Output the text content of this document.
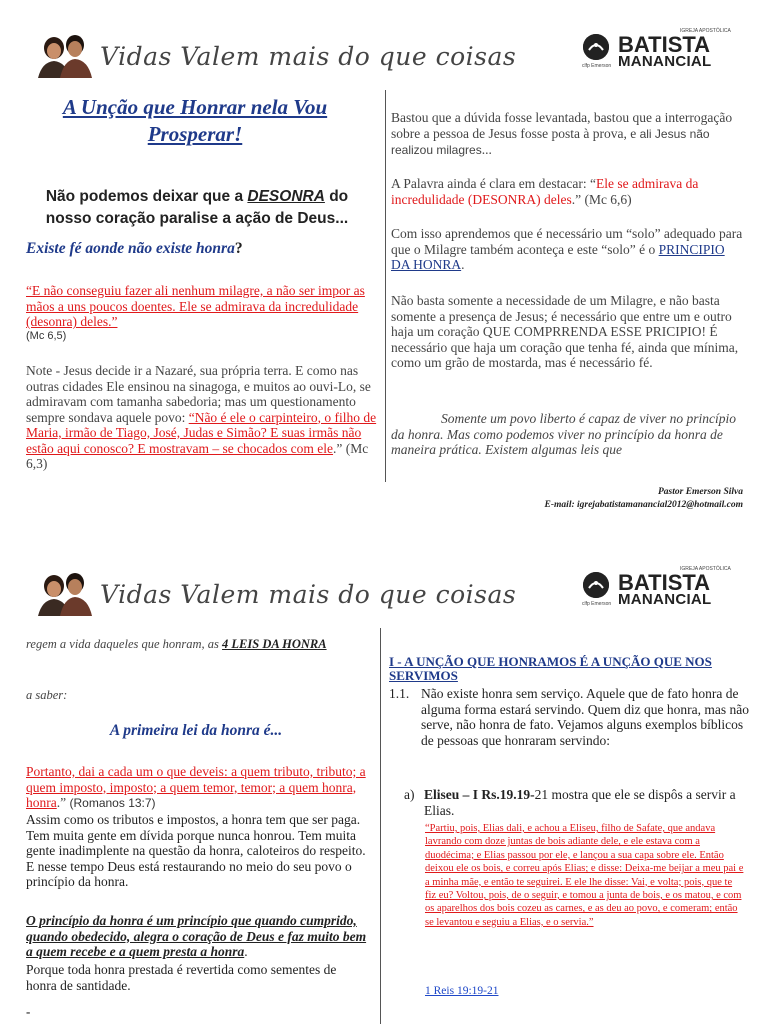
Vidas Valem mais do que coisas
IGREJA APOSTÓLICA
BATISTA
MANANCIAL
clfp Emerson
A Unção que Honrar nela Vou
Prosperar!
Não podemos deixar que a DESONRA do
nosso coração paralise a ação de Deus...
Existe fé aonde não existe honra?

“E não conseguiu fazer ali nenhum milagre, a não ser impor as mãos a uns poucos doentes. Ele se admirava da incredulidade (desonra) deles.”

(Mc 6,5)

Note - Jesus decide ir a Nazaré, sua própria terra. E como nas outras cidades Ele ensinou na sinagoga, e muitos ao ouvi-Lo, se admiravam com tamanha sabedoria; mas um questionamento sempre sondava aquele povo: “Não é ele o carpinteiro, o filho de Maria, irmão de Tiago, José, Judas e Simão? E suas irmãs não estão aqui conosco? E mostravam – se chocados com ele.” (Mc 6,3)
Bastou que a dúvida fosse levantada, bastou que a interrogação sobre a pessoa de Jesus fosse posta à prova, e ali Jesus não realizou milagres...
A Palavra ainda é clara em destacar: “Ele se admirava da incredulidade (DESONRA) deles.” (Mc 6,6)
Com isso aprendemos que é necessário um “solo” adequado para que o Milagre também aconteça e este “solo” é o PRINCIPIO DA HONRA.
Não basta somente a necessidade de um Milagre, e não basta somente a presença de Jesus; é necessário que entre um e outro haja um coração QUE COMPRRENDA ESSE PRICIPIO! É necessário que haja um coração que tenha fé, ainda que mínima, como um grão de mostarda, mas é necessário fé.
Somente um povo liberto é capaz de viver no princípio da honra. Mas como podemos viver no princípio da honra de maneira prática. Existem algumas leis que
Pastor Emerson Silva
E-mail: igrejabatistamanancial2012@hotmail.com
Vidas Valem mais do que coisas
IGREJA APOSTÓLICA
BATISTA
MANANCIAL
clfp Emerson
regem a vida daqueles que honram, as 4 LEIS DA HONRA
a saber:
A primeira lei da honra é...
Portanto, dai a cada um o que deveis: a quem tributo, tributo; a quem imposto, imposto; a quem temor, temor; a quem honra, honra.” (Romanos 13:7)
Assim como os tributos e impostos, a honra tem que ser paga. Tem muita gente em dívida porque nunca honrou. Tem muita gente inadimplente na questão da honra, caloteiros do respeito. E nesse tempo Deus está restaurando no meio do seu povo o princípio da honra.
O princípio da honra é um princípio que quando cumprido, quando obedecido, alegra o coração de Deus e faz muito bem a quem recebe e a quem presta a honra.
Porque toda honra prestada é revertida como sementes de honra de santidade.
-
I - A UNÇÃO QUE HONRAMOS É A UNÇÃO QUE NOS SERVIMOS
1.1. Não existe honra sem serviço. Aquele que de fato honra de alguma forma estará servindo. Quem diz que honra, mas não serve, não honra de fato. Vejamos alguns exemplos bíblicos de pessoas que honraram servindo:
a) Eliseu – I Rs.19.19-21 mostra que ele se dispôs a servir a Elias.
“Partiu, pois, Elias dali, e achou a Eliseu, filho de Safate, que andava lavrando com doze juntas de bois adiante dele, e ele estava com a duodécima; e Elias passou por ele, e lançou a sua capa sobre ele. Então deixou ele os bois, e correu após Elias; e disse: Deixa-me beijar a meu pai e a minha mãe, e então te seguirei. E ele lhe disse: Vai, e volta; pois, que te fiz eu? Voltou, pois, de o seguir, e tomou a junta de bois, e os matou, e com os aparelhos dos bois cozeu as carnes, e as deu ao povo, e comeram; então se levantou e seguiu a Elias, e o servia.”
1 Reis 19:19-21
